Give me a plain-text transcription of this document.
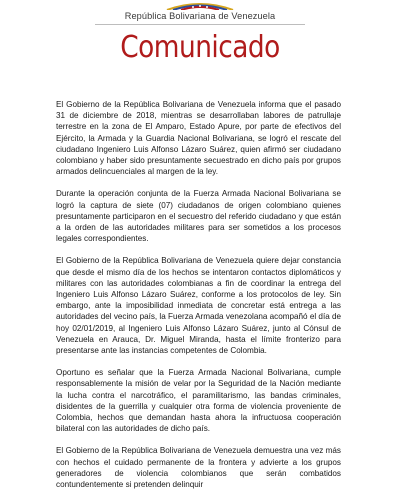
República Bolivariana de Venezuela
Comunicado

El Gobierno de la República Bolivariana de Venezuela informa que el pasado 31 de diciembre de 2018, mientras se desarrollaban labores de patrullaje terrestre en la zona de El Amparo, Estado Apure, por parte de efectivos del Ejército, la Armada y la Guardia Nacional Bolivariana, se logró el rescate del ciudadano Ingeniero Luis Alfonso Lázaro Suárez, quien afirmó ser ciudadano colombiano y haber sido presuntamente secuestrado en dicho país por grupos armados delincuenciales al margen de la ley.

Durante la operación conjunta de la Fuerza Armada Nacional Bolivariana se logró la captura de siete (07) ciudadanos de origen colombiano quienes presuntamente participaron en el secuestro del referido ciudadano y que están a la orden de las autoridades militares para ser sometidos a los procesos legales correspondientes.

El Gobierno de la República Bolivariana de Venezuela quiere dejar constancia que desde el mismo día de los hechos se intentaron contactos diplomáticos y militares con las autoridades colombianas a fin de coordinar la entrega del Ingeniero Luis Alfonso Lázaro Suárez, conforme a los protocolos de ley. Sin embargo, ante la imposibilidad inmediata de concretar está entrega a las autoridades del vecino país, la Fuerza Armada venezolana acompañó el día de hoy 02/01/2019, al Ingeniero Luis Alfonso Lázaro Suárez, junto al Cónsul de Venezuela en Arauca, Dr. Miguel Miranda, hasta el límite fronterizo para presentarse ante las instancias competentes de Colombia.

Oportuno es señalar que la Fuerza Armada Nacional Bolivariana, cumple responsablemente la misión de velar por la Seguridad de la Nación mediante la lucha contra el narcotráfico, el paramilitarismo, las bandas criminales, disidentes de la guerrilla y cualquier otra forma de violencia proveniente de Colombia, hechos que demandan hasta ahora la infructuosa cooperación bilateral con las autoridades de dicho país.

El Gobierno de la República Bolivariana de Venezuela demuestra una vez más con hechos el cuidado permanente de la frontera y advierte a los grupos generadores de violencia colombianos que serán combatidos contundentemente si pretenden delinquir
